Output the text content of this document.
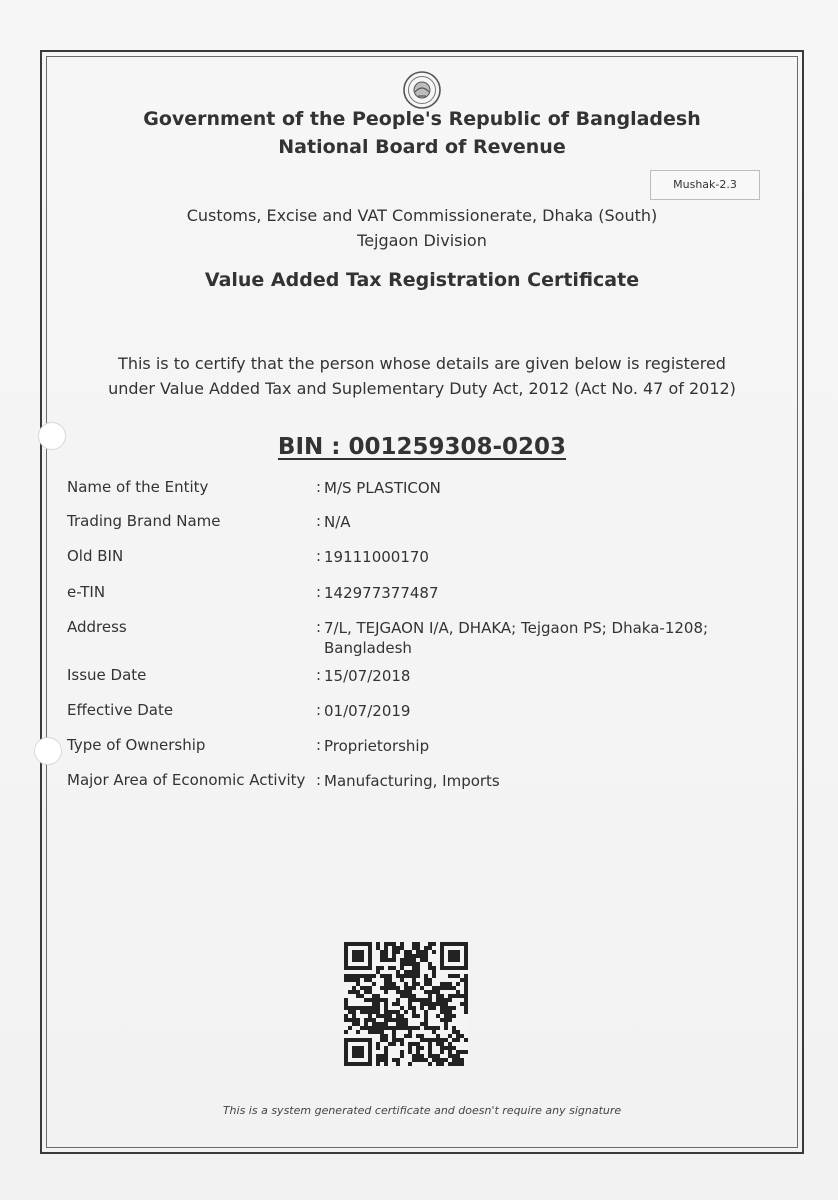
Government of the People's Republic of Bangladesh
National Board of Revenue
Mushak-2.3
Customs, Excise and VAT Commissionerate, Dhaka (South)
Tejgaon Division
Value Added Tax Registration Certificate
This is to certify that the person whose details are given below is registered under Value Added Tax and Suplementary Duty Act, 2012 (Act No. 47 of 2012)
BIN : 001259308-0203
Name of the Entity	: M/S PLASTICON
Trading Brand Name	: N/A
Old BIN	: 19111000170
e-TIN	: 142977377487
Address	: 7/L, TEJGAON I/A, DHAKA; Tejgaon PS; Dhaka-1208; Bangladesh
Issue Date	: 15/07/2018
Effective Date	: 01/07/2019
Type of Ownership	: Proprietorship
Major Area of Economic Activity : Manufacturing, Imports
This is a system generated certificate and doesn't require any signature
